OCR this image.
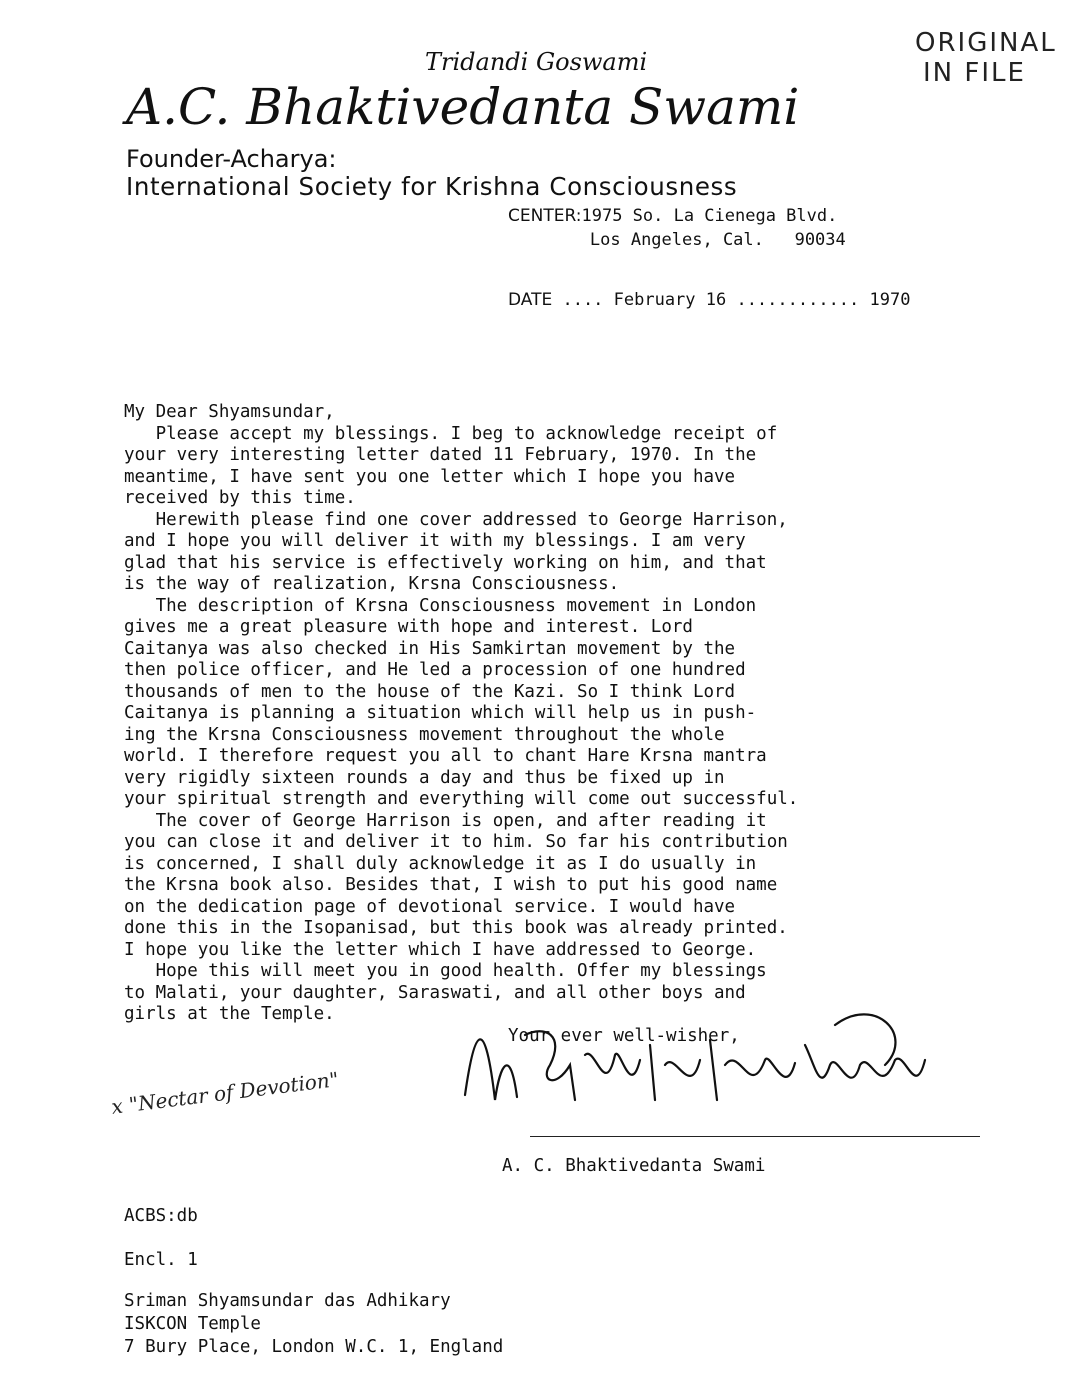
ORIGINAL
IN FILE
Tridandi Goswami
A.C. Bhaktivedanta Swami
Founder-Acharya:
International Society for Krishna Consciousness
CENTER:1975 So. La Cienega Blvd.
Los Angeles, Cal.   90034
DATE .... February 16 ............ 1970
My Dear Shyamsundar,
Please accept my blessings. I beg to acknowledge receipt of
your very interesting letter dated 11 February, 1970. In the
meantime, I have sent you one letter which I hope you have
received by this time.
Herewith please find one cover addressed to George Harrison,
and I hope you will deliver it with my blessings. I am very
glad that his service is effectively working on him, and that
is the way of realization, Krsna Consciousness.
The description of Krsna Consciousness movement in London
gives me a great pleasure with hope and interest. Lord
Caitanya was also checked in His Samkirtan movement by the
then police officer, and He led a procession of one hundred
thousands of men to the house of the Kazi. So I think Lord
Caitanya is planning a situation which will help us in push-
ing the Krsna Consciousness movement throughout the whole
world. I therefore request you all to chant Hare Krsna mantra
very rigidly sixteen rounds a day and thus be fixed up in
your spiritual strength and everything will come out successful.
The cover of George Harrison is open, and after reading it
you can close it and deliver it to him. So far his contribution
is concerned, I shall duly acknowledge it as I do usually in
the Krsna book also. Besides that, I wish to put his good name
on the dedication page of devotional service. I would have
done this in the Isopanisad, but this book was already printed.
I hope you like the letter which I have addressed to George.
Hope this will meet you in good health. Offer my blessings
to Malati, your daughter, Saraswati, and all other boys and
girls at the Temple.
Your ever well-wisher,
x "Nectar of Devotion"
A. C. Bhaktivedanta Swami
ACBS:db
Encl. 1
Sriman Shyamsundar das Adhikary
ISKCON Temple
7 Bury Place, London W.C. 1, England
